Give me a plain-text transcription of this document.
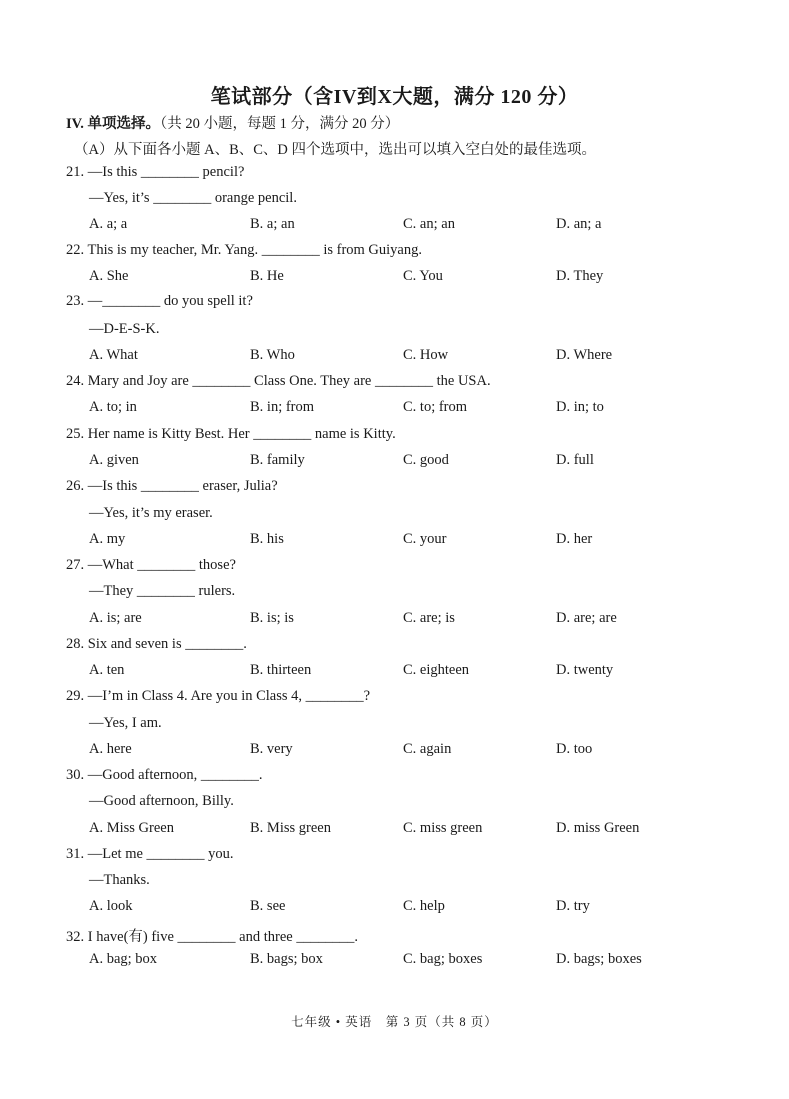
笔试部分（含IV到X大题，满分 120 分）
IV. 单项选择。（共 20 小题，每题 1 分，满分 20 分）
（A）从下面各小题 A、B、C、D 四个选项中，选出可以填入空白处的最佳选项。
21. —Is this ________ pencil?
—Yes, it’s ________ orange pencil.
A. a; a	B. a; an	C. an; an	D. an; a
22. This is my teacher, Mr. Yang. ________ is from Guiyang.
A. She	B. He	C. You	D. They
23. —________ do you spell it?
—D-E-S-K.
A. What	B. Who	C. How	D. Where
24. Mary and Joy are ________ Class One. They are ________ the USA.
A. to; in	B. in; from	C. to; from	D. in; to
25. Her name is Kitty Best. Her ________ name is Kitty.
A. given	B. family	C. good	D. full
26. —Is this ________ eraser, Julia?
—Yes, it’s my eraser.
A. my	B. his	C. your	D. her
27. —What ________ those?
—They ________ rulers.
A. is; are	B. is; is	C. are; is	D. are; are
28. Six and seven is ________.
A. ten	B. thirteen	C. eighteen	D. twenty
29. —I’m in Class 4. Are you in Class 4, ________?
—Yes, I am.
A. here	B. very	C. again	D. too
30. —Good afternoon, ________.
—Good afternoon, Billy.
A. Miss Green	B. Miss green	C. miss green	D. miss Green
31. —Let me ________ you.
—Thanks.
A. look	B. see	C. help	D. try
32. I have(有) five ________ and three ________.
A. bag; box	B. bags; box	C. bag; boxes	D. bags; boxes
七年级 • 英语　第 3 页（共 8 页）
